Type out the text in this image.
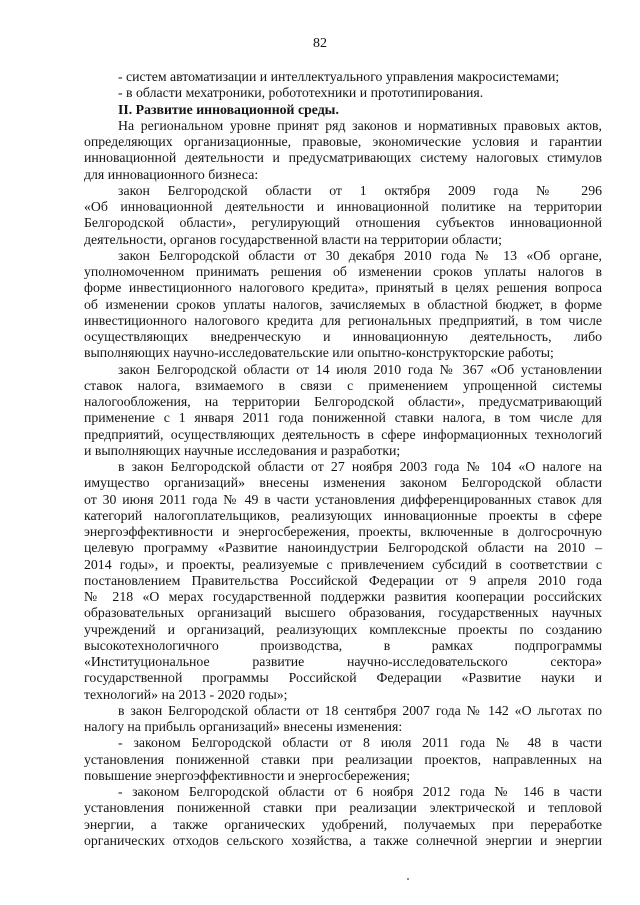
82
- систем автоматизации и интеллектуального управления макросистемами;
- в области мехатроники, робототехники и прототипирования.
II. Развитие инновационной среды.
На региональном уровне принят ряд законов и нормативных правовых актов,
определяющих организационные, правовые, экономические условия и гарантии
инновационной деятельности и предусматривающих систему налоговых стимулов
для инновационного бизнеса:
закон Белгородской области от 1 октября 2009 года № 296
«Об инновационной деятельности и инновационной политике на территории
Белгородской области», регулирующий отношения субъектов инновационной
деятельности, органов государственной власти на территории области;
закон Белгородской области от 30 декабря 2010 года № 13 «Об органе,
уполномоченном принимать решения об изменении сроков уплаты налогов в
форме инвестиционного налогового кредита», принятый в целях решения вопроса
об изменении сроков уплаты налогов, зачисляемых в областной бюджет, в форме
инвестиционного налогового кредита для региональных предприятий, в том числе
осуществляющих внедренческую и инновационную деятельность, либо
выполняющих научно-исследовательские или опытно-конструкторские работы;
закон Белгородской области от 14 июля 2010 года № 367 «Об установлении
ставок налога, взимаемого в связи с применением упрощенной системы
налогообложения, на территории Белгородской области», предусматривающий
применение с 1 января 2011 года пониженной ставки налога, в том числе для
предприятий, осуществляющих деятельность в сфере информационных технологий
и выполняющих научные исследования и разработки;
в закон Белгородской области от 27 ноября 2003 года № 104 «О налоге на
имущество организаций» внесены изменения законом Белгородской области
от 30 июня 2011 года № 49 в части установления дифференцированных ставок для
категорий налогоплательщиков, реализующих инновационные проекты в сфере
энергоэффективности и энергосбережения, проекты, включенные в долгосрочную
целевую программу «Развитие наноиндустрии Белгородской области на 2010 –
2014 годы», и проекты, реализуемые с привлечением субсидий в соответствии с
постановлением Правительства Российской Федерации от 9 апреля 2010 года
№ 218 «О мерах государственной поддержки развития кооперации российских
образовательных организаций высшего образования, государственных научных
учреждений и организаций, реализующих комплексные проекты по созданию
высокотехнологичного производства, в рамках подпрограммы
«Институциональное развитие научно-исследовательского сектора»
государственной программы Российской Федерации «Развитие науки и
технологий» на 2013 - 2020 годы»;
в закон Белгородской области от 18 сентября 2007 года № 142 «О льготах по
налогу на прибыль организаций» внесены изменения:
- законом Белгородской области от 8 июля 2011 года № 48 в части
установления пониженной ставки при реализации проектов, направленных на
повышение энергоэффективности и энергосбережения;
- законом Белгородской области от 6 ноября 2012 года № 146 в части
установления пониженной ставки при реализации электрической и тепловой
энергии, а также органических удобрений, получаемых при переработке
органических отходов сельского хозяйства, а также солнечной энергии и энергии
